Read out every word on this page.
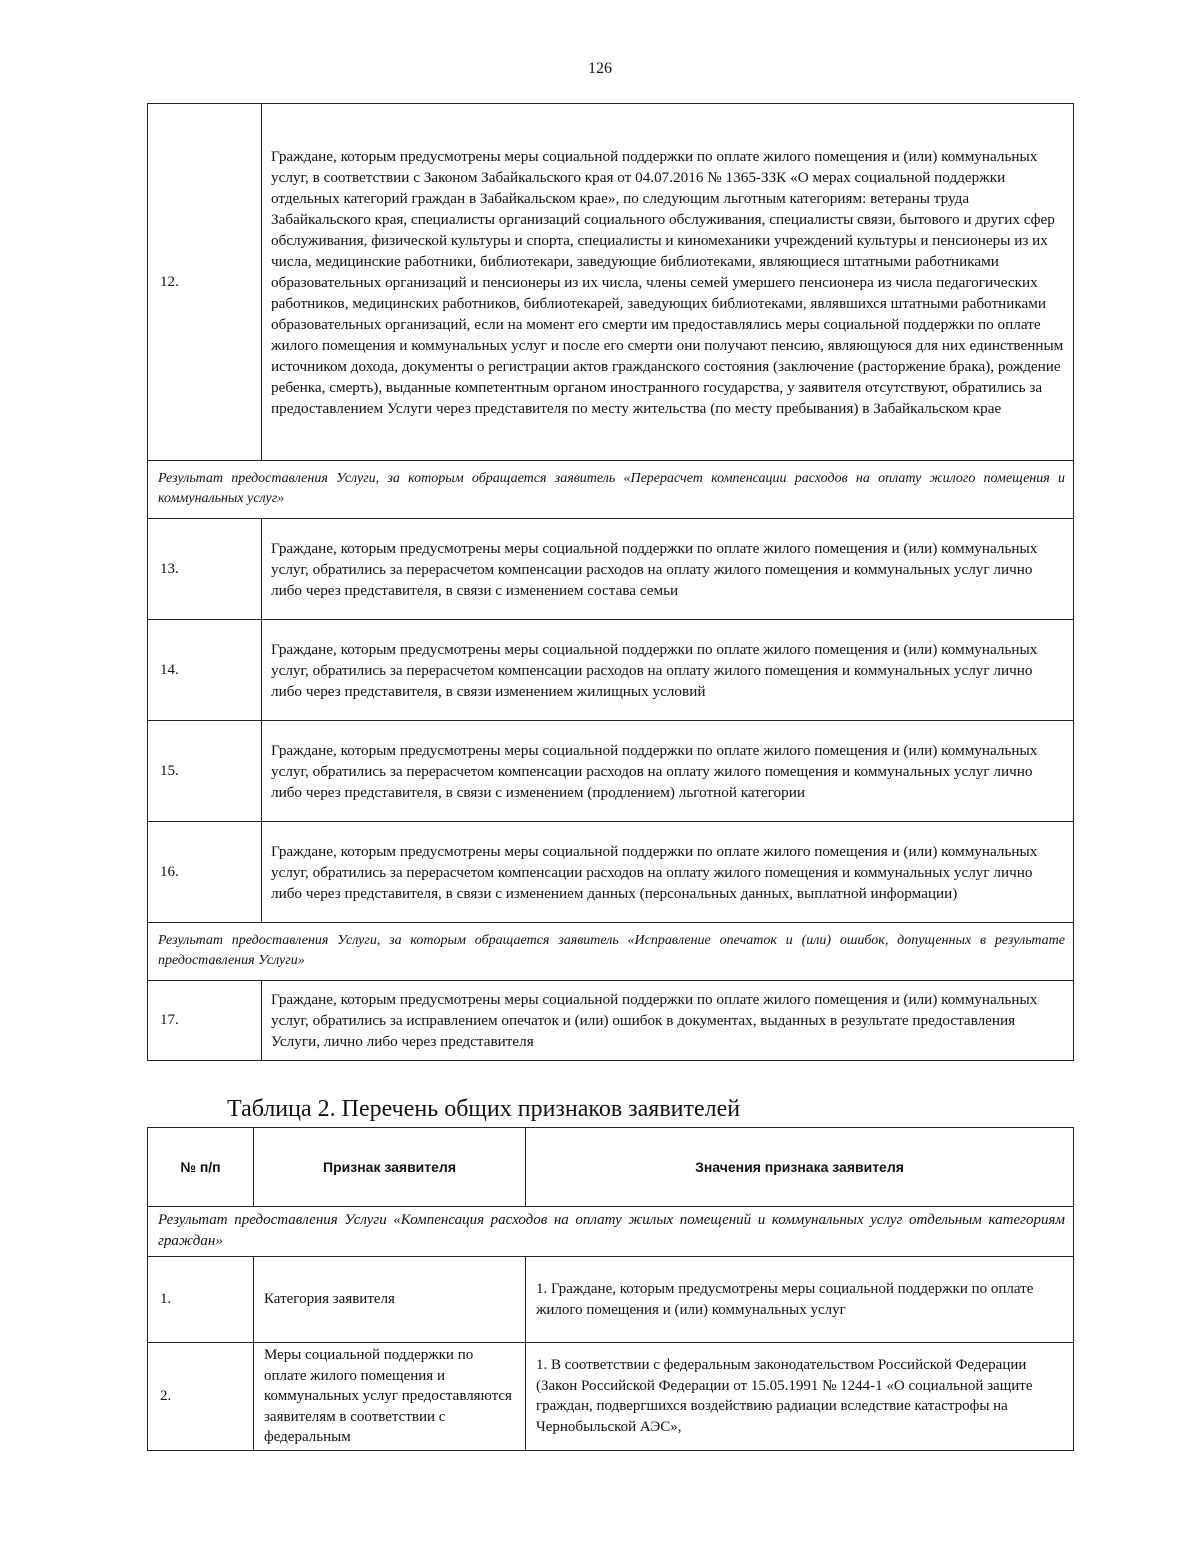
126
12.	Граждане, которым предусмотрены меры социальной поддержки по оплате жилого помещения и (или) коммунальных услуг, в соответствии с Законом Забайкальского края от 04.07.2016 № 1365-ЗЗК «О мерах социальной поддержки отдельных категорий граждан в Забайкальском крае», по следующим льготным категориям: ветераны труда Забайкальского края, специалисты организаций социального обслуживания, специалисты связи, бытового и других сфер обслуживания, физической культуры и спорта, специалисты и киномеханики учреждений культуры и пенсионеры из их числа, медицинские работники, библиотекари, заведующие библиотеками, являющиеся штатными работниками образовательных организаций и пенсионеры из их числа, члены семей умершего пенсионера из числа педагогических работников, медицинских работников, библиотекарей, заведующих библиотеками, являвшихся штатными работниками образовательных организаций, если на момент его смерти им предоставлялись меры социальной поддержки по оплате жилого помещения и коммунальных услуг и после его смерти они получают пенсию, являющуюся для них единственным источником дохода, документы о регистрации актов гражданского состояния (заключение (расторжение брака), рождение ребенка, смерть), выданные компетентным органом иностранного государства, у заявителя отсутствуют, обратились за предоставлением Услуги через представителя по месту жительства (по месту пребывания) в Забайкальском крае
Результат предоставления Услуги, за которым обращается заявитель «Перерасчет компенсации расходов на оплату жилого помещения и коммунальных услуг»	
13.	Граждане, которым предусмотрены меры социальной поддержки по оплате жилого помещения и (или) коммунальных услуг, обратились за перерасчетом компенсации расходов на оплату жилого помещения и коммунальных услуг лично либо через представителя, в связи с изменением состава семьи
14.	Граждане, которым предусмотрены меры социальной поддержки по оплате жилого помещения и (или) коммунальных услуг, обратились за перерасчетом компенсации расходов на оплату жилого помещения и коммунальных услуг лично либо через представителя, в связи изменением жилищных условий
15.	Граждане, которым предусмотрены меры социальной поддержки по оплате жилого помещения и (или) коммунальных услуг, обратились за перерасчетом компенсации расходов на оплату жилого помещения и коммунальных услуг лично либо через представителя, в связи с изменением (продлением) льготной категории
16.	Граждане, которым предусмотрены меры социальной поддержки по оплате жилого помещения и (или) коммунальных услуг, обратились за перерасчетом компенсации расходов на оплату жилого помещения и коммунальных услуг лично либо через представителя, в связи с изменением данных (персональных данных, выплатной информации)
Результат предоставления Услуги, за которым обращается заявитель «Исправление опечаток и (или) ошибок, допущенных в результате предоставления Услуги»	
17.	Граждане, которым предусмотрены меры социальной поддержки по оплате жилого помещения и (или) коммунальных услуг, обратились за исправлением опечаток и (или) ошибок в документах, выданных в результате предоставления Услуги, лично либо через представителя
Таблица 2. Перечень общих признаков заявителей
№ п/п	Признак заявителя	Значения признака заявителя
Результат предоставления Услуги «Компенсация расходов на оплату жилых помещений и коммунальных услуг отдельным категориям граждан»		
1.	Категория заявителя	1. Граждане, которым предусмотрены меры социальной поддержки по оплате жилого помещения и (или) коммунальных услуг
2.	Меры социальной поддержки по оплате жилого помещения и коммунальных услуг предоставляются заявителям в соответствии с федеральным	1. В соответствии с федеральным законодательством Российской Федерации (Закон Российской Федерации от 15.05.1991 № 1244-1 «О социальной защите граждан, подвергшихся воздействию радиации вследствие катастрофы на Чернобыльской АЭС»,
